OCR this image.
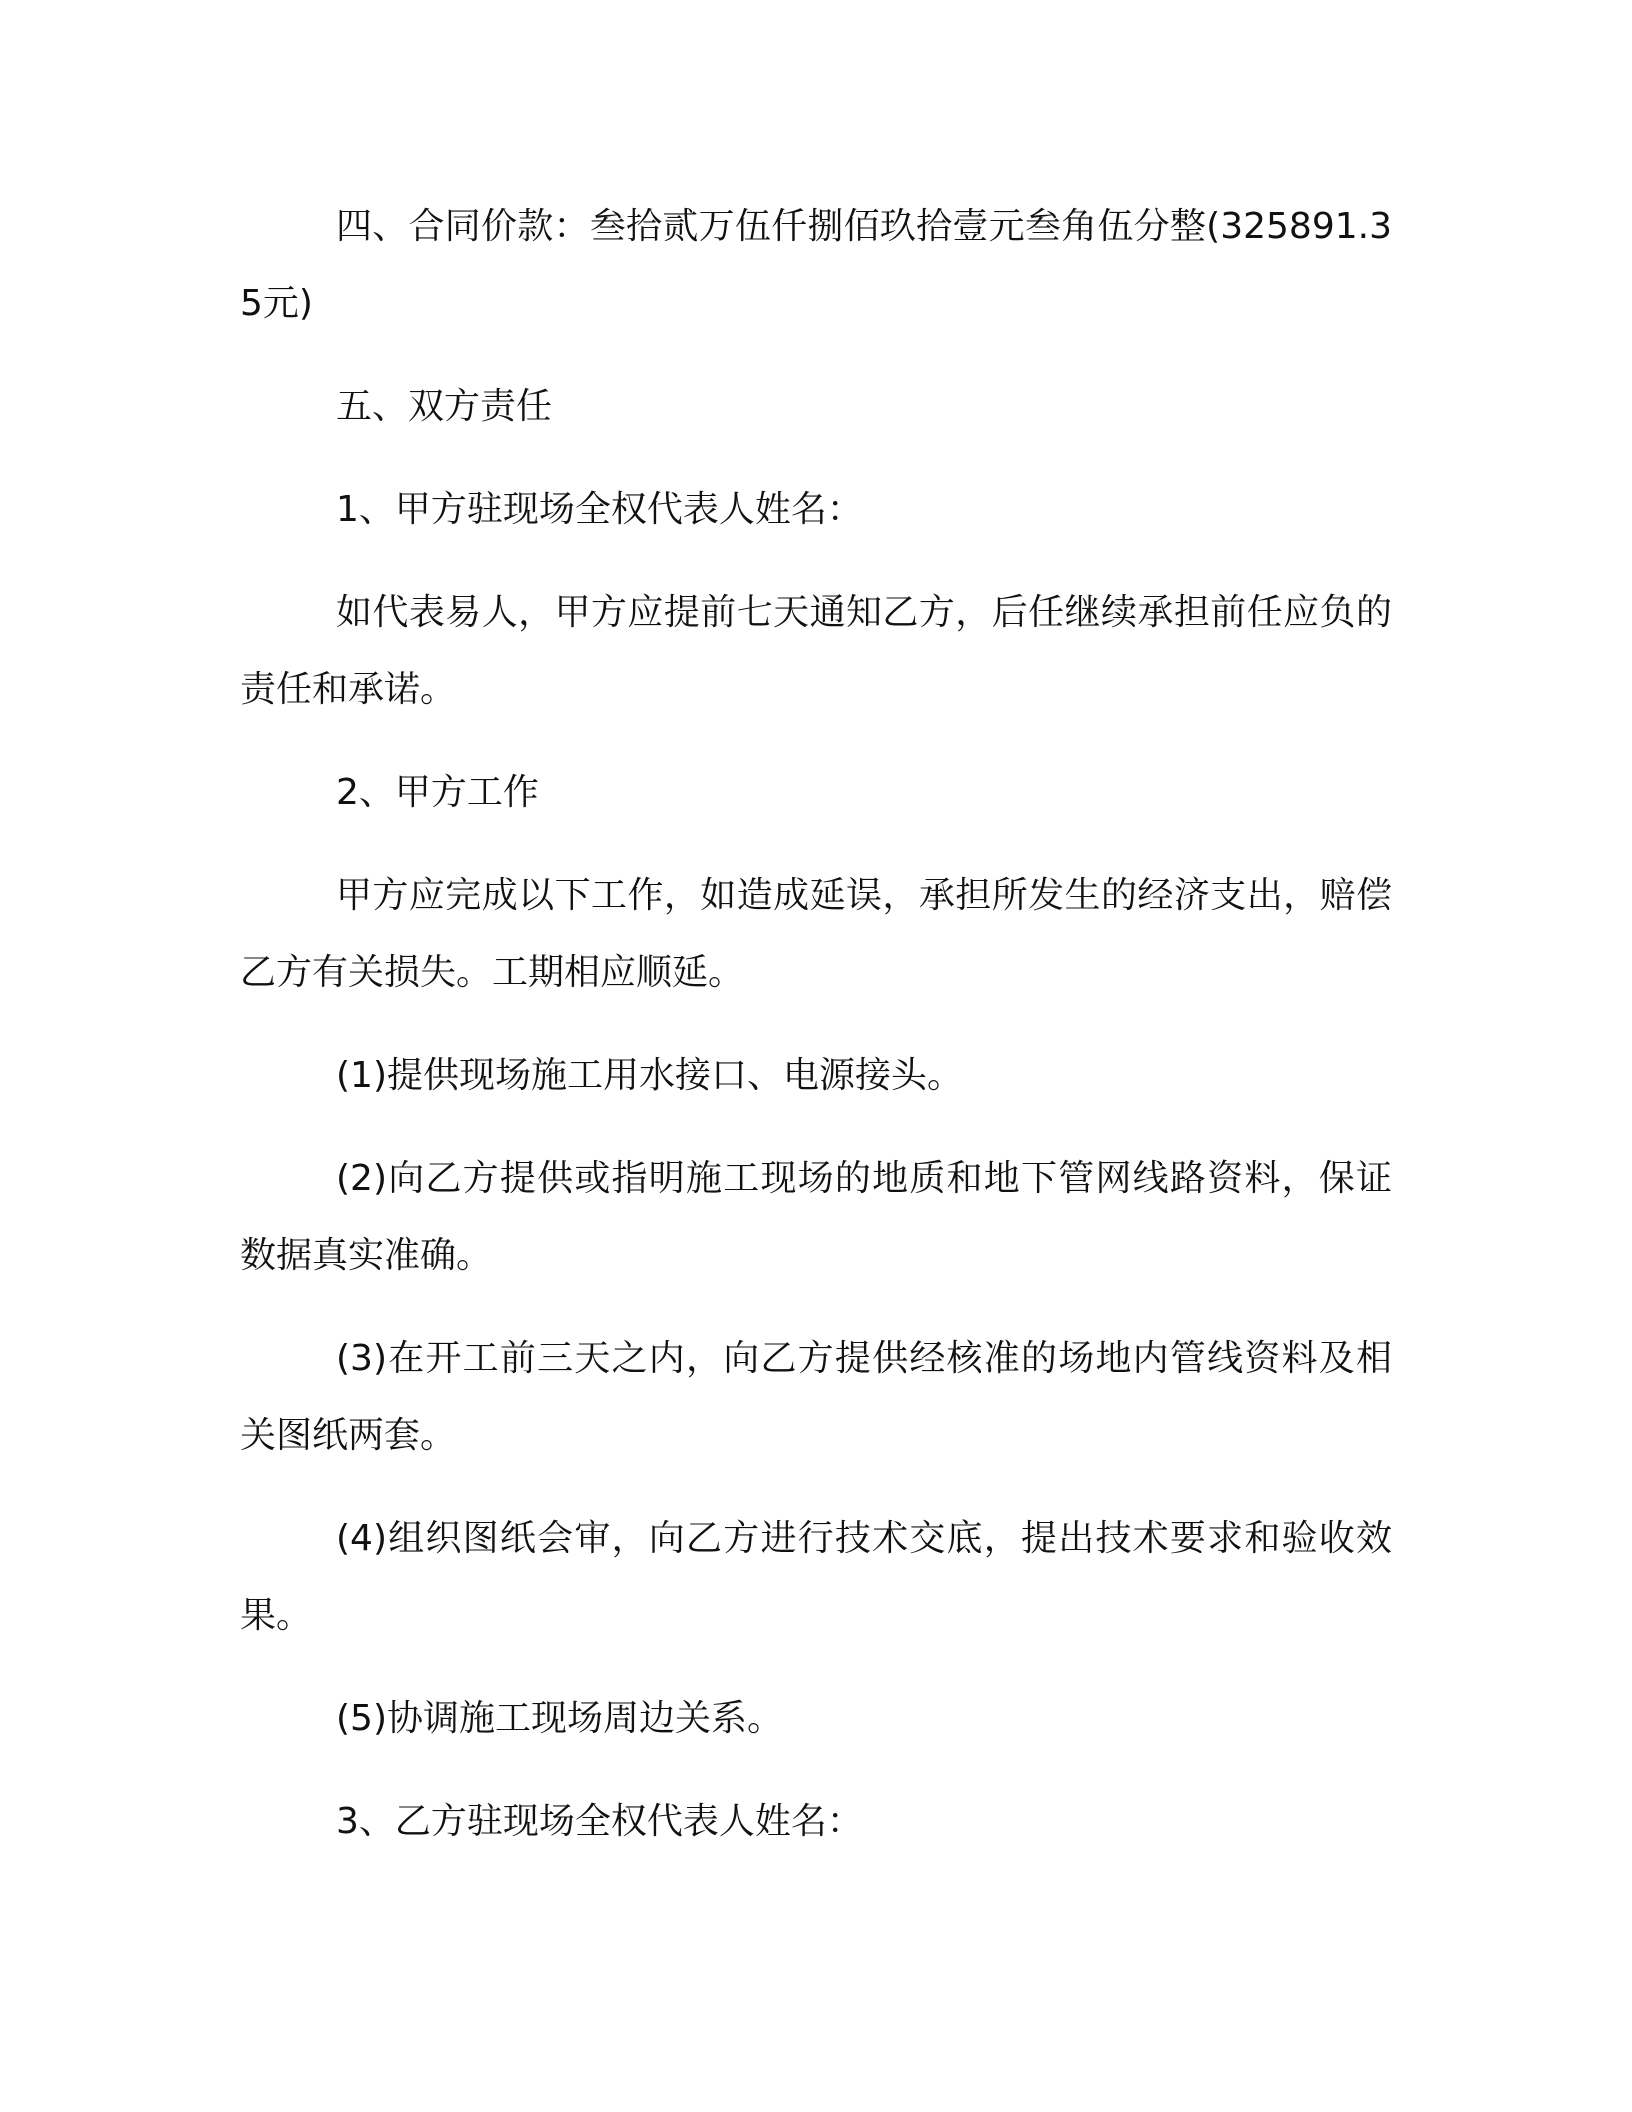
四、合同价款：叁拾贰万伍仟捌佰玖拾壹元叁角伍分整(325891.35元)

五、双方责任

1、甲方驻现场全权代表人姓名：

如代表易人，甲方应提前七天通知乙方，后任继续承担前任应负的责任和承诺。

2、甲方工作

甲方应完成以下工作，如造成延误，承担所发生的经济支出，赔偿乙方有关损失。工期相应顺延。

(1)提供现场施工用水接口、电源接头。

(2)向乙方提供或指明施工现场的地质和地下管网线路资料，保证数据真实准确。

(3)在开工前三天之内，向乙方提供经核准的场地内管线资料及相关图纸两套。

(4)组织图纸会审，向乙方进行技术交底，提出技术要求和验收效果。

(5)协调施工现场周边关系。

3、乙方驻现场全权代表人姓名：
